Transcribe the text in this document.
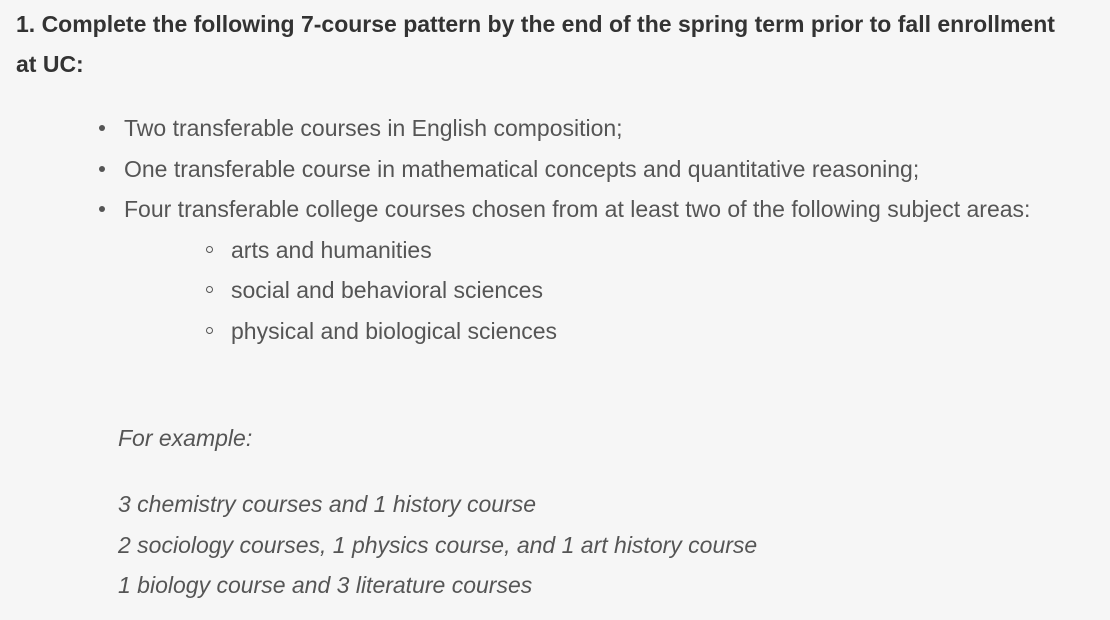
1. Complete the following 7-course pattern by the end of the spring term prior to fall enrollment at UC:
Two transferable courses in English composition;
One transferable course in mathematical concepts and quantitative reasoning;
Four transferable college courses chosen from at least two of the following subject areas:
arts and humanities
social and behavioral sciences
physical and biological sciences
For example:
3 chemistry courses and 1 history course
2 sociology courses, 1 physics course, and 1 art history course
1 biology course and 3 literature courses
